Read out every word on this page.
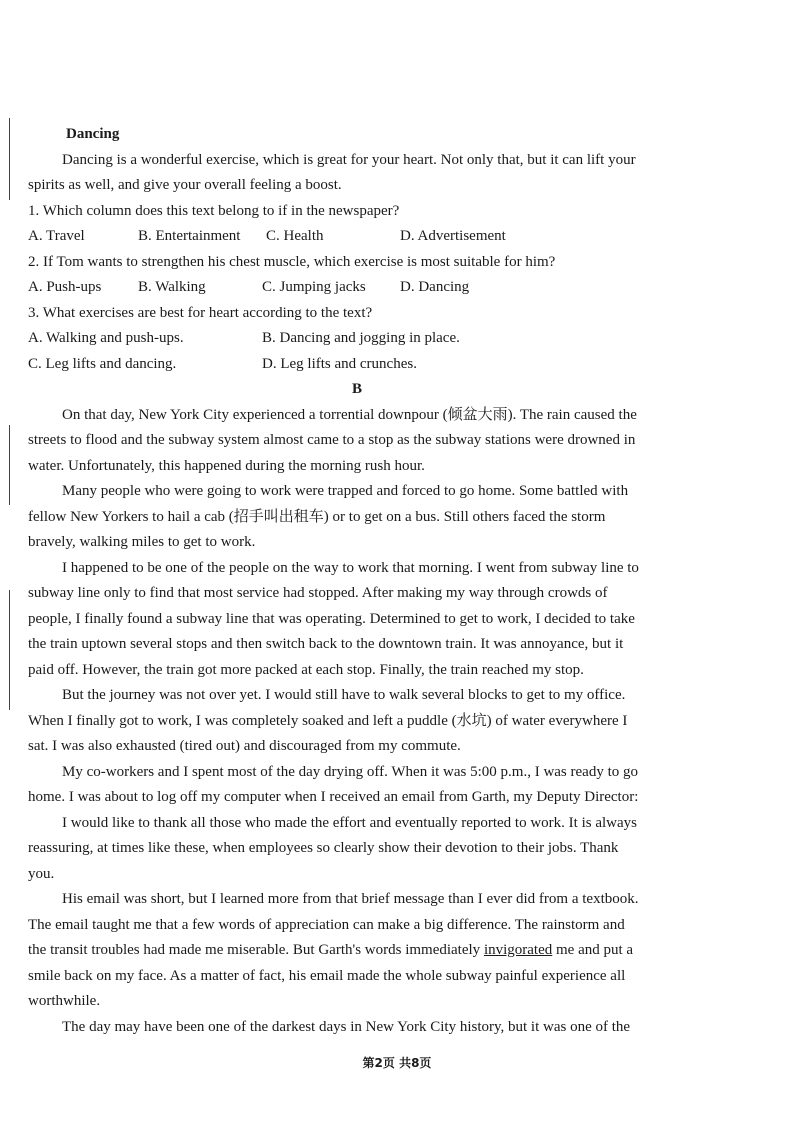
Dancing
Dancing is a wonderful exercise, which is great for your heart. Not only that, but it can lift your
spirits as well, and give your overall feeling a boost.
1. Which column does this text belong to if in the newspaper?
A. Travel	B. Entertainment	C. Health	D. Advertisement
2. If Tom wants to strengthen his chest muscle, which exercise is most suitable for him?
A. Push-ups	B. Walking	C. Jumping jacks	D. Dancing
3. What exercises are best for heart according to the text?
A. Walking and push-ups.	B. Dancing and jogging in place.
C. Leg lifts and dancing.	D. Leg lifts and crunches.
B
On that day, New York City experienced a torrential downpour (倾盆大雨). The rain caused the
streets to flood and the subway system almost came to a stop as the subway stations were drowned in
water. Unfortunately, this happened during the morning rush hour.
Many people who were going to work were trapped and forced to go home. Some battled with
fellow New Yorkers to hail a cab (招手叫出租车) or to get on a bus. Still others faced the storm
bravely, walking miles to get to work.
I happened to be one of the people on the way to work that morning. I went from subway line to
subway line only to find that most service had stopped. After making my way through crowds of
people, I finally found a subway line that was operating. Determined to get to work, I decided to take
the train uptown several stops and then switch back to the downtown train. It was annoyance, but it
paid off. However, the train got more packed at each stop. Finally, the train reached my stop.
But the journey was not over yet. I would still have to walk several blocks to get to my office.
When I finally got to work, I was completely soaked and left a puddle (水坑) of water everywhere I
sat. I was also exhausted (tired out) and discouraged from my commute.
My co-workers and I spent most of the day drying off. When it was 5:00 p.m., I was ready to go
home. I was about to log off my computer when I received an email from Garth, my Deputy Director:
I would like to thank all those who made the effort and eventually reported to work. It is always
reassuring, at times like these, when employees so clearly show their devotion to their jobs. Thank
you.
His email was short, but I learned more from that brief message than I ever did from a textbook.
The email taught me that a few words of appreciation can make a big difference. The rainstorm and
the transit troubles had made me miserable. But Garth's words immediately invigorated me and put a
smile back on my face. As a matter of fact, his email made the whole subway painful experience all
worthwhile.
The day may have been one of the darkest days in New York City history, but it was one of the
第2页 共8页
